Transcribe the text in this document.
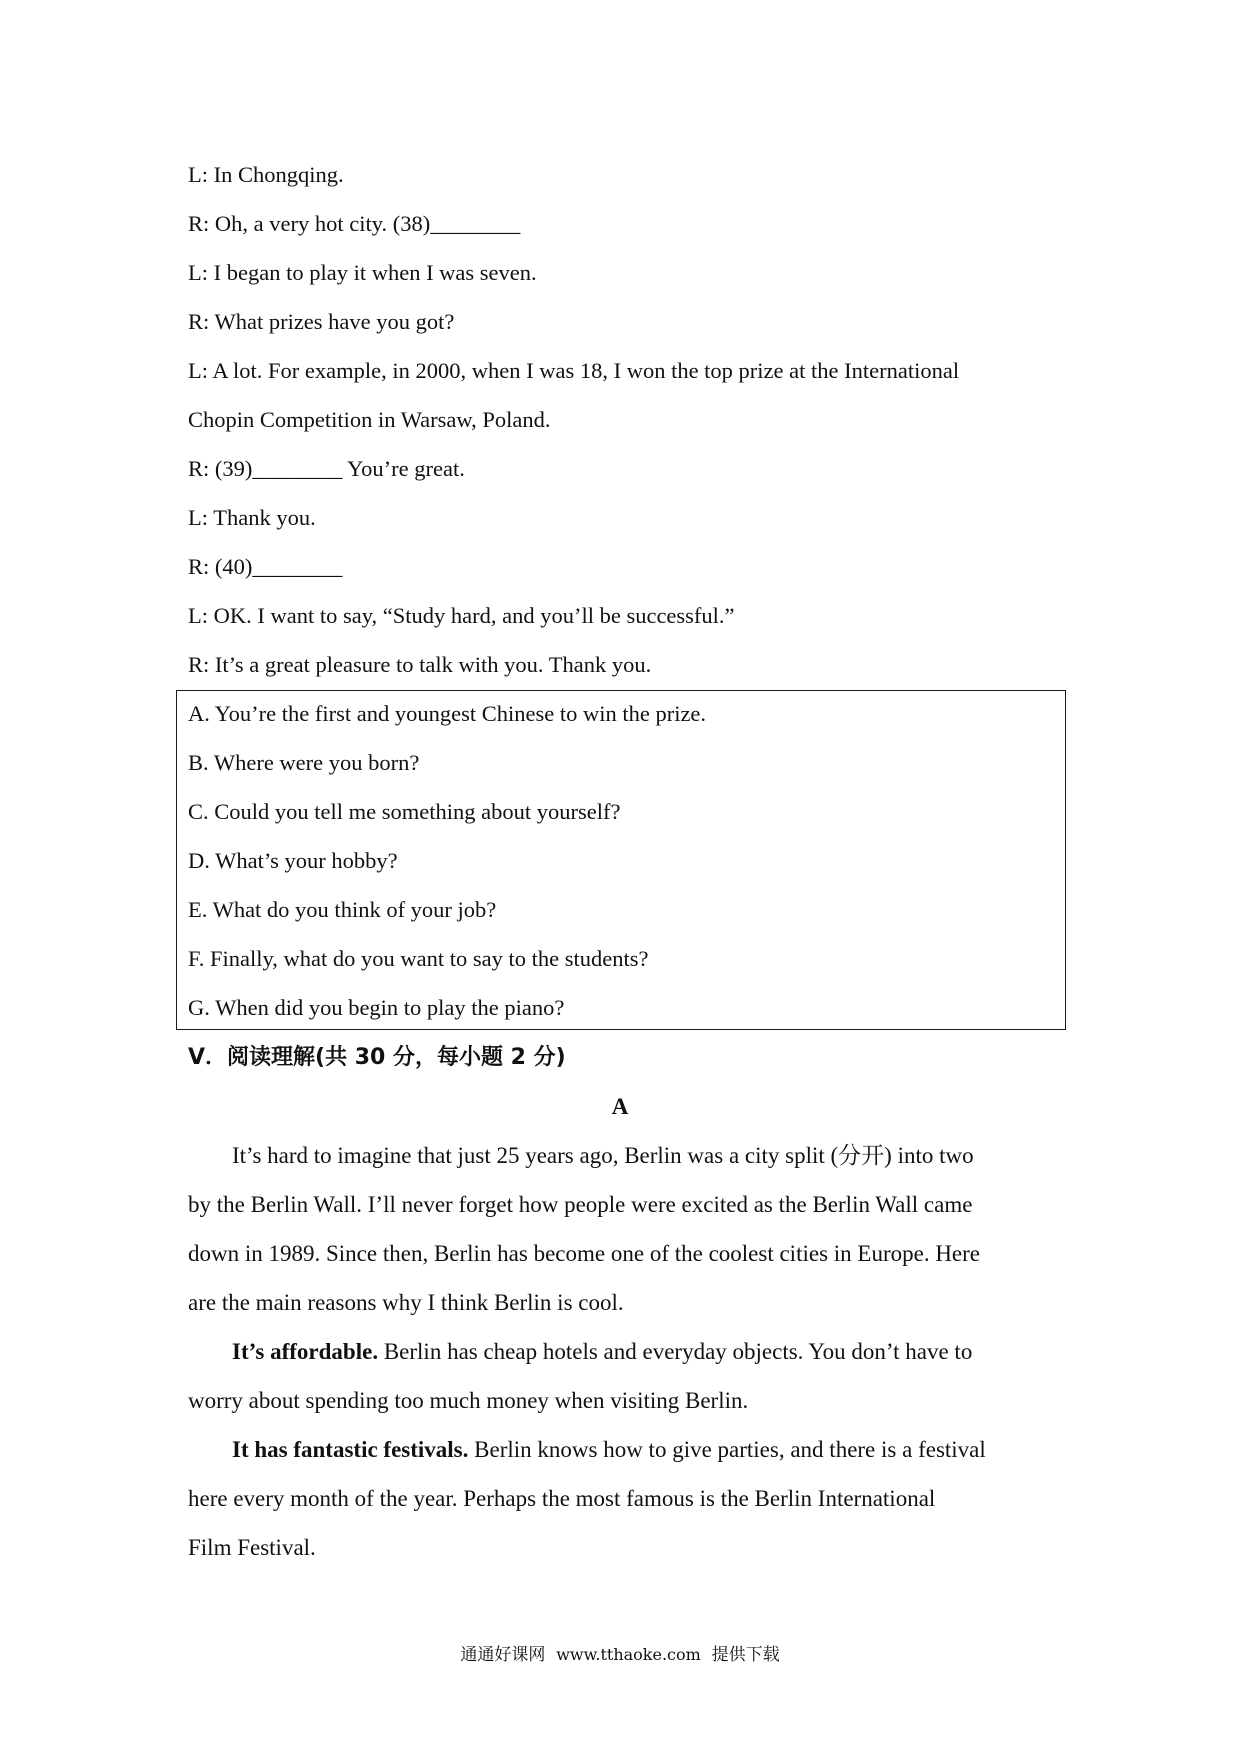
L: In Chongqing.

R: Oh, a very hot city. (38)________

L: I began to play it when I was seven.

R: What prizes have you got?

L: A lot. For example, in 2000, when I was 18, I won the top prize at the International

Chopin Competition in Warsaw, Poland.

R: (39)________ You’re great.

L: Thank you.

R: (40)________

L: OK. I want to say, “Study hard, and you’ll be successful.”

R: It’s a great pleasure to talk with you. Thank you.

A. You’re the first and youngest Chinese to win the prize.

B. Where were you born?

C. Could you tell me something about yourself?

D. What’s your hobby?

E. What do you think of your job?

F. Finally, what do you want to say to the students?

G. When did you begin to play the piano?

V．阅读理解(共 30 分，每小题 2 分)

A

It’s hard to imagine that just 25 years ago, Berlin was a city split (分开) into two

by the Berlin Wall. I’ll never forget how people were excited as the Berlin Wall came

down in 1989. Since then, Berlin has become one of the coolest cities in Europe. Here

are the main reasons why I think Berlin is cool.

It’s affordable. Berlin has cheap hotels and everyday objects. You don’t have to

worry about spending too much money when visiting Berlin.

It has fantastic festivals. Berlin knows how to give parties, and there is a festival

here every month of the year. Perhaps the most famous is the Berlin International

Film Festival.

通通好课网 www.tthaoke.com 提供下载
